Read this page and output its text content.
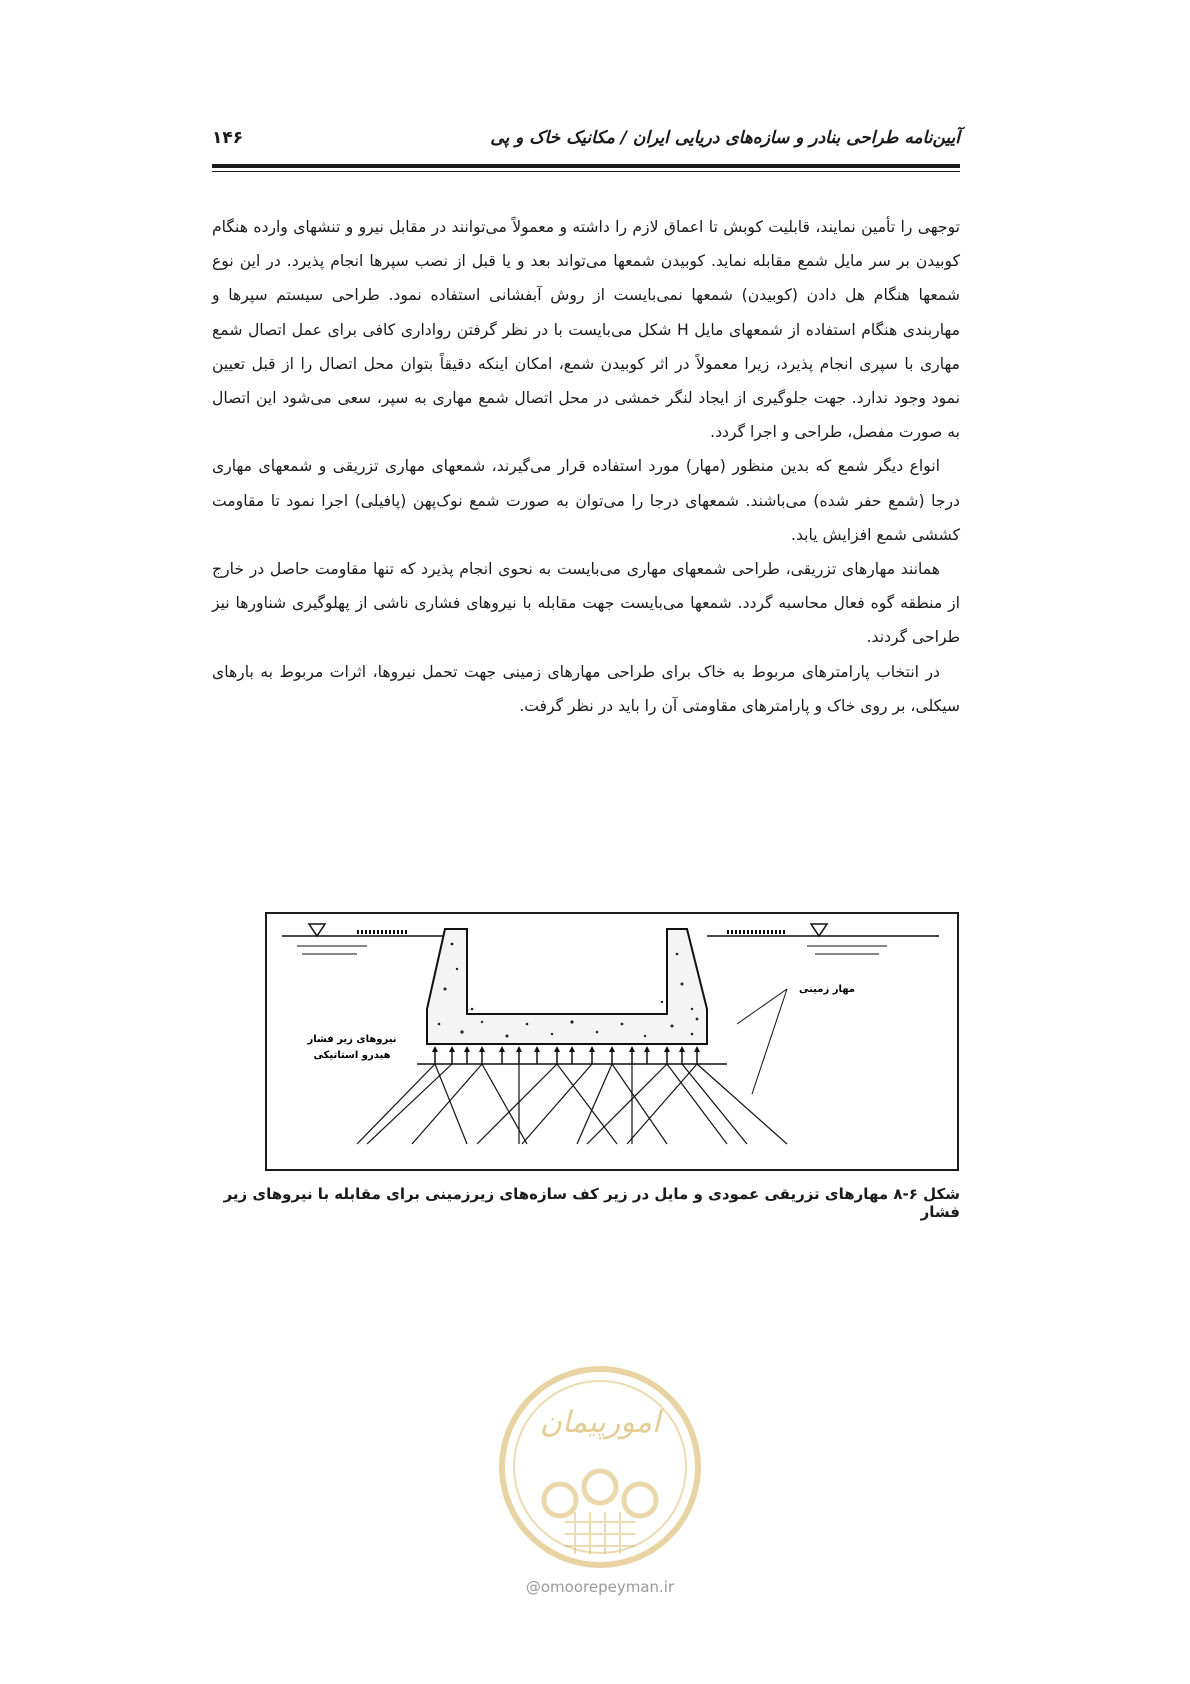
آیین‌نامه طراحی بنادر و سازه‌های دریایی ایران / مکانیک خاک و پی
۱۴۶

توجهی را تأمین نمایند، قابلیت کوبش تا اعماق لازم را داشته و معمولاً می‌توانند در مقابل نیرو و تنشهای وارده هنگام کوبیدن بر سر مایل شمع مقابله نماید. کوبیدن شمعها می‌تواند بعد و یا قبل از نصب سپرها انجام پذیرد. در این نوع شمعها هنگام هل دادن (کوبیدن) شمعها نمی‌بایست از روش آبفشانی استفاده نمود. طراحی سیستم سپرها و مهاربندی هنگام استفاده از شمعهای مایل H شکل می‌بایست با در نظر گرفتن رواداری کافی برای عمل اتصال شمع مهاری با سپری انجام پذیرد، زیرا معمولاً در اثر کوبیدن شمع، امکان اینکه دقیقاً بتوان محل اتصال را از قبل تعیین نمود وجود ندارد. جهت جلوگیری از ایجاد لنگر خمشی در محل اتصال شمع مهاری به سپر، سعی می‌شود این اتصال به صورت مفصل، طراحی و اجرا گردد.

انواع دیگر شمع که بدین منظور (مهار) مورد استفاده قرار می‌گیرند، شمعهای مهاری تزریقی و شمعهای مهاری درجا (شمع حفر شده) می‌باشند. شمعهای درجا را می‌توان به صورت شمع نوک‌پهن (پافیلی) اجرا نمود تا مقاومت کششی شمع افزایش یابد.

همانند مهارهای تزریقی، طراحی شمعهای مهاری می‌بایست به نحوی انجام پذیرد که تنها مقاومت حاصل در خارج از منطقه گوه فعال محاسبه گردد. شمعها می‌بایست جهت مقابله با نیروهای فشاری ناشی از پهلوگیری شناورها نیز طراحی گردند.

در انتخاب پارامترهای مربوط به خاک برای طراحی مهارهای زمینی جهت تحمل نیروها، اثرات مربوط به بارهای سیکلی، بر روی خاک و پارامترهای مقاومتی آن را باید در نظر گرفت.

نیروهای زیر فشار
هیدرو استاتیکی
مهار زمینی
شکل ۶-۸ مهارهای تزریقی عمودی و مایل در زیر کف سازه‌های زیرزمینی برای مقابله با نیروهای زیر فشار
امورپیمان
@omoorepeyman.ir
